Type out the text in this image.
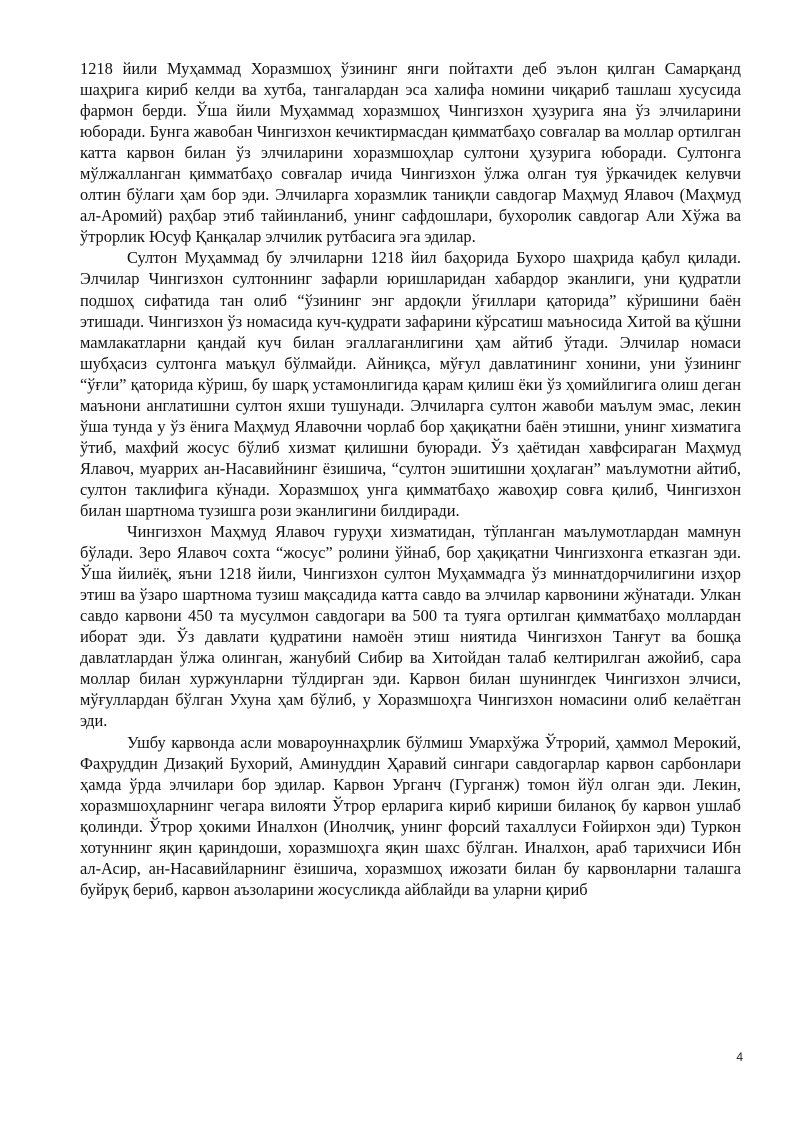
1218 йили Муҳаммад Хоразмшоҳ ўзининг янги пойтахти деб эълон қилган Самарқанд шаҳрига кириб келди ва хутба, тангалардан эса халифа номини чиқариб ташлаш хусусида фармон берди. Ўша йили Муҳаммад хоразмшоҳ Чингизхон ҳузурига яна ўз элчиларини юборади. Бунга жавобан Чингизхон кечиктирмасдан қимматбаҳо совғалар ва моллар ортилган катта карвон билан ўз элчиларини хоразмшоҳлар султони ҳузурига юборади. Султонга мўлжалланган қимматбаҳо совғалар ичида Чингизхон ўлжа олган туя ўркачидек келувчи олтин бўлаги ҳам бор эди. Элчиларга хоразмлик таниқли савдогар Маҳмуд Ялавоч (Маҳмуд ал-Аромий) раҳбар этиб тайинланиб, унинг сафдошлари, бухоролик савдогар Али Хўжа ва ўтрорлик Юсуф Қанқалар элчилик рутбасига эга эдилар.

Султон Муҳаммад бу элчиларни 1218 йил баҳорида Бухоро шаҳрида қабул қилади. Элчилар Чингизхон султоннинг зафарли юришларидан хабардор эканлиги, уни қудратли подшоҳ сифатида тан олиб “ўзининг энг ардоқли ўғиллари қаторида” кўришини баён этишади. Чингизхон ўз номасида куч-қудрати зафарини кўрсатиш маъносида Хитой ва қўшни мамлакатларни қандай куч билан эгаллаганлигини ҳам айтиб ўтади. Элчилар номаси шубҳасиз султонга маъқул бўлмайди. Айниқса, мўғул давлатининг хонини, уни ўзининг “ўғли” қаторида кўриш, бу шарқ устамонлигида қарам қилиш ёки ўз ҳомийлигига олиш деган маънони англатишни султон яхши тушунади. Элчиларга султон жавоби маълум эмас, лекин ўша тунда у ўз ёнига Маҳмуд Ялавочни чорлаб бор ҳақиқатни баён этишни, унинг хизматига ўтиб, махфий жосус бўлиб хизмат қилишни буюради. Ўз ҳаётидан хавфсираган Маҳмуд Ялавоч, муаррих ан-Насавийнинг ёзишича, “султон эшитишни ҳоҳлаган” маълумотни айтиб, султон таклифига кўнади. Хоразмшоҳ унга қимматбаҳо жавоҳир совға қилиб, Чингизхон билан шартнома тузишга рози эканлигини билдиради.

Чингизхон Маҳмуд Ялавоч гуруҳи хизматидан, тўпланган маълумотлардан мамнун бўлади. Зеро Ялавоч сохта “жосус” ролини ўйнаб, бор ҳақиқатни Чингизхонга етказган эди. Ўша йилиёқ, яъни 1218 йили, Чингизхон султон Муҳаммадга ўз миннатдорчилигини изҳор этиш ва ўзаро шартнома тузиш мақсадида катта савдо ва элчилар карвонини жўнатади. Улкан савдо карвони 450 та мусулмон савдогари ва 500 та туяга ортилган қимматбаҳо моллардан иборат эди. Ўз давлати қудратини намоён этиш ниятида Чингизхон Танғут ва бошқа давлатлардан ўлжа олинган, жанубий Сибир ва Хитойдан талаб келтирилган ажойиб, сара моллар билан хуржунларни тўлдирган эди. Карвон билан шунингдек Чингизхон элчиси, мўғуллардан бўлган Ухуна ҳам бўлиб, у Хоразмшоҳга Чингизхон номасини олиб келаётган эди.

Ушбу карвонда асли мовароуннаҳрлик бўлмиш Умархўжа Ўтрорий, ҳаммол Мерокий, Фаҳруддин Дизақий Бухорий, Аминуддин Ҳаравий сингари савдогарлар карвон сарбонлари ҳамда ўрда элчилари бор эдилар. Карвон Урганч (Гурганж) томон йўл олган эди. Лекин, хоразмшоҳларнинг чегара вилояти Ўтрор ерларига кириб кириши биланоқ бу карвон ушлаб қолинди. Ўтрор ҳокими Иналхон (Инолчиқ, унинг форсий тахаллуси Ғойирхон эди) Туркон хотуннинг яқин қариндоши, хоразмшоҳга яқин шахс бўлган. Иналхон, араб тарихчиси Ибн ал-Асир, ан-Насавийларнинг ёзишича, хоразмшоҳ ижозати билан бу карвонларни талашга буйруқ бериб, карвон аъзоларини жосусликда айблайди ва уларни қириб

4
